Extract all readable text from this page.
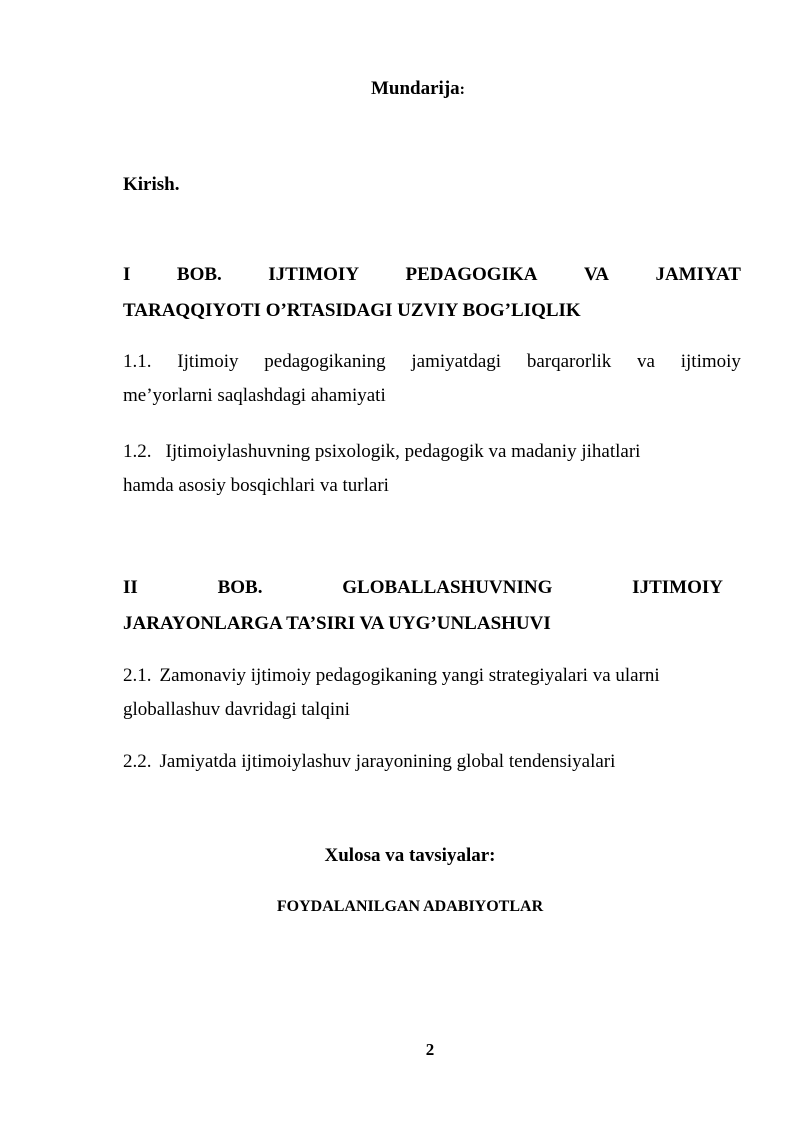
Mundarija:
Kirish.
I BOB. IJTIMOIY PEDAGOGIKA VA JAMIYAT
TARAQQIYOTI O’RTASIDAGI UZVIY BOG’LIQLIK
1.1. Ijtimoiy pedagogikaning jamiyatdagi barqarorlik va ijtimoiy
me’yorlarni saqlashdagi ahamiyati
1.2. Ijtimoiylashuvning psixologik, pedagogik va madaniy jihatlari
hamda asosiy bosqichlari va turlari
II	BOB.	GLOBALLASHUVNING	IJTIMOIY
JARAYONLARGA TA’SIRI VA UYG’UNLASHUVI
2.1. Zamonaviy ijtimoiy pedagogikaning yangi strategiyalari va ularni
globallashuv davridagi talqini
2.2. Jamiyatda ijtimoiylashuv jarayonining global tendensiyalari
Xulosa va tavsiyalar:
FOYDALANILGAN ADABIYOTLAR
2
